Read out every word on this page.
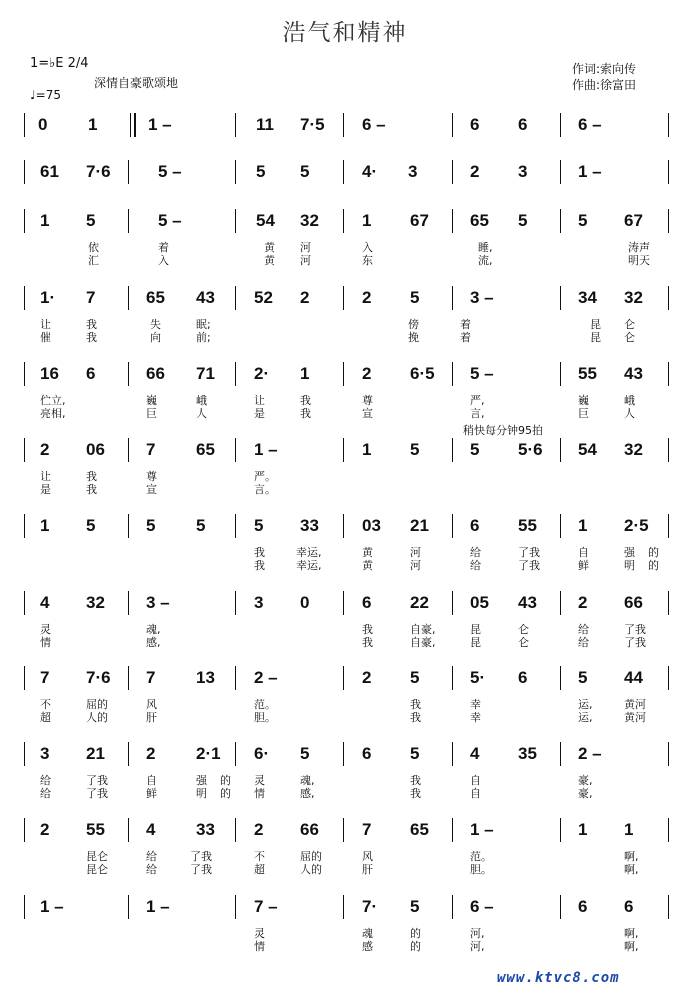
浩气和精神
1=♭E 2/4
♩=75
深情自豪歌颂地
作词:索向传
作曲:徐富田
稍快每分钟95拍
0 1	1 –	11 7·5 6 –	6 6	6 –
61 7·6	5 –	5 5	4· 3	2 3	1 –
1 5	5 –	54 32	1 67 65 5	5 67
依	着	黄 河	入	睡,	涛声
汇	入	黄 河	东	流,	明天
1· 7	65 43 52 2	2 5	3 –	34 32
让	我	失	眠;	傍	着	昆 仑
催	我	向	前;	挽	着	昆 仑
16 6	66 71 2· 1	2 6·5 5 –	55 43
伫立,	巍	峨	让	我	尊	严,	巍	峨
亮相,	巨	人	是	我	宣	言,	巨	人
2 06 7 65 1 –	1 5	5 5·6 54 32
让	我	尊	严。
是	我	宣	言。
1 5	5 5	5 33	03 21 6 55 1 2·5
我	幸运,	黄	河	给	了我	自	强 的
我	幸运,	黄	河	给	了我	鲜	明 的
4 32 3 –	3 0	6 22 05 43 2 66
灵	魂,	我	自豪,	昆	仑	给	了我
情	感,	我	自豪,	昆	仑	给	了我
7 7·6 7 13 2 –	2 5	5· 6	5 44
不	屈的	风	范。	我	幸	运,	黄河
超	人的	肝	胆。	我	幸	运,	黄河
3 21 2 2·1 6· 5	6 5	4 35 2 –
给	了我	自	强 的 灵	魂,	我	自	豪,
给	了我	鲜	明 的 情	感,	我	自	豪,
2 55 4 33 2 66	7 65 1 –	1 1
昆仑	给	了我	不	屈的	风	范。	啊,
昆仑	给	了我	超	人的	肝	胆。	啊,
1 –	1 –	7 –	7· 5	6 –	6 6
灵	魂	的	河,	啊,
情	感	的	河,	啊,
www.ktvc8.com
